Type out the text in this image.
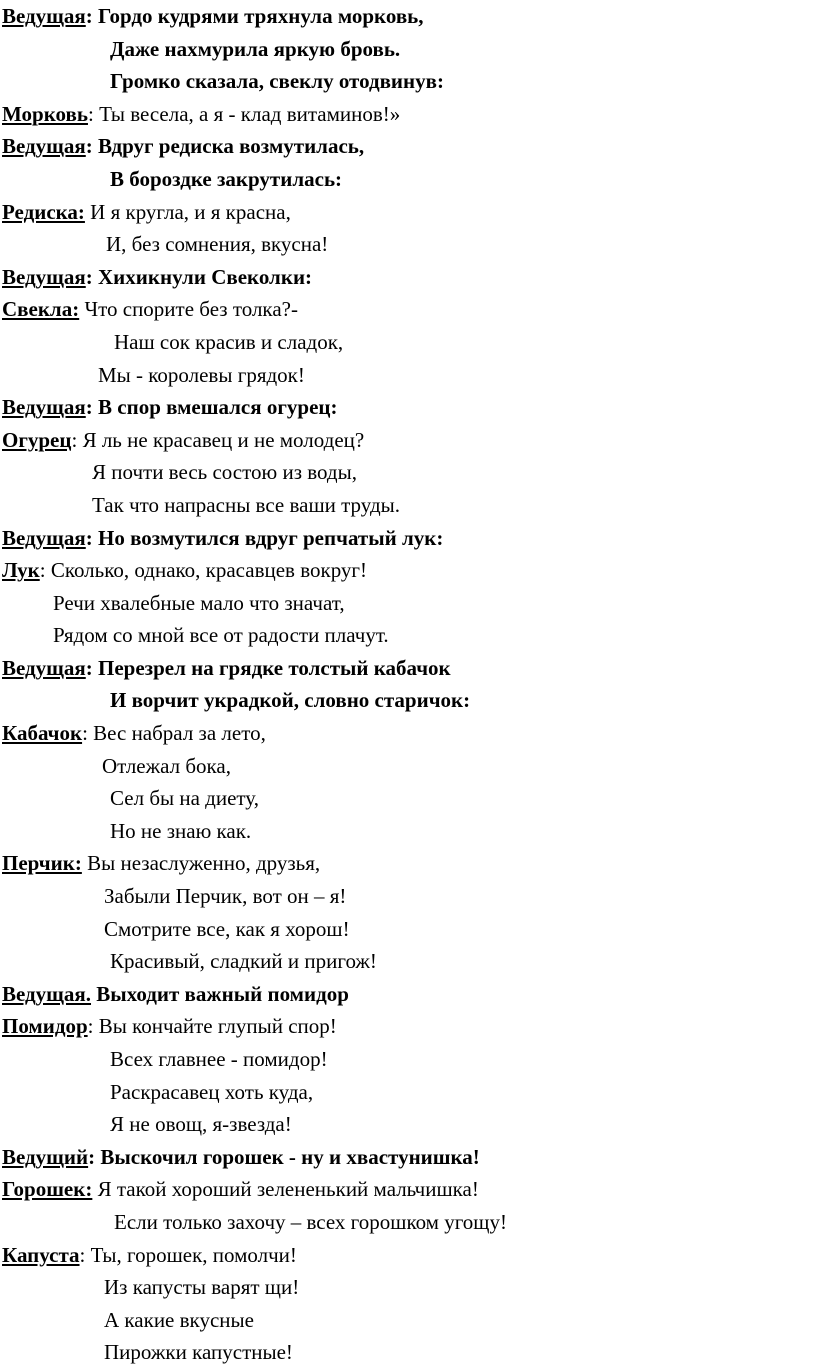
Ведущая: Гордо кудрями тряхнула морковь,
Даже нахмурила яркую бровь.
Громко сказала, свеклу отодвинув:
Морковь: Ты весела, а я - клад витаминов!»
Ведущая: Вдруг редиска возмутилась,
В бороздке закрутилась:
Редиска: И я кругла, и я красна,
И, без сомнения, вкусна!
Ведущая: Хихикнули Свеколки:
Свекла: Что спорите без толка?-
Наш сок красив и сладок,
Мы - королевы грядок!
Ведущая: В спор вмешался огурец:
Огурец: Я ль не красавец и не молодец?
Я почти весь состою из воды,
Так что напрасны все ваши труды.
Ведущая: Но возмутился вдруг репчатый лук:
Лук: Сколько, однако, красавцев вокруг!
Речи хвалебные мало что значат,
Рядом со мной все от радости плачут.
Ведущая: Перезрел на грядке толстый кабачок
И ворчит украдкой, словно старичок:
Кабачок: Вес набрал за лето,
Отлежал бока,
Сел бы на диету,
Но не знаю как.
Перчик: Вы незаслуженно, друзья,
Забыли Перчик, вот он – я!
Смотрите все, как я хорош!
Красивый, сладкий и пригож!
Ведущая. Выходит важный помидор
Помидор: Вы кончайте глупый спор!
Всех главнее - помидор!
Раскрасавец хоть куда,
Я не овощ, я-звезда!
Ведущий: Выскочил горошек - ну и хвастунишка!
Горошек: Я такой хороший зелененький мальчишка!
Если только захочу – всех горошком угощу!
Капуста: Ты, горошек, помолчи!
Из капусты варят щи!
А какие вкусные
Пирожки капустные!
